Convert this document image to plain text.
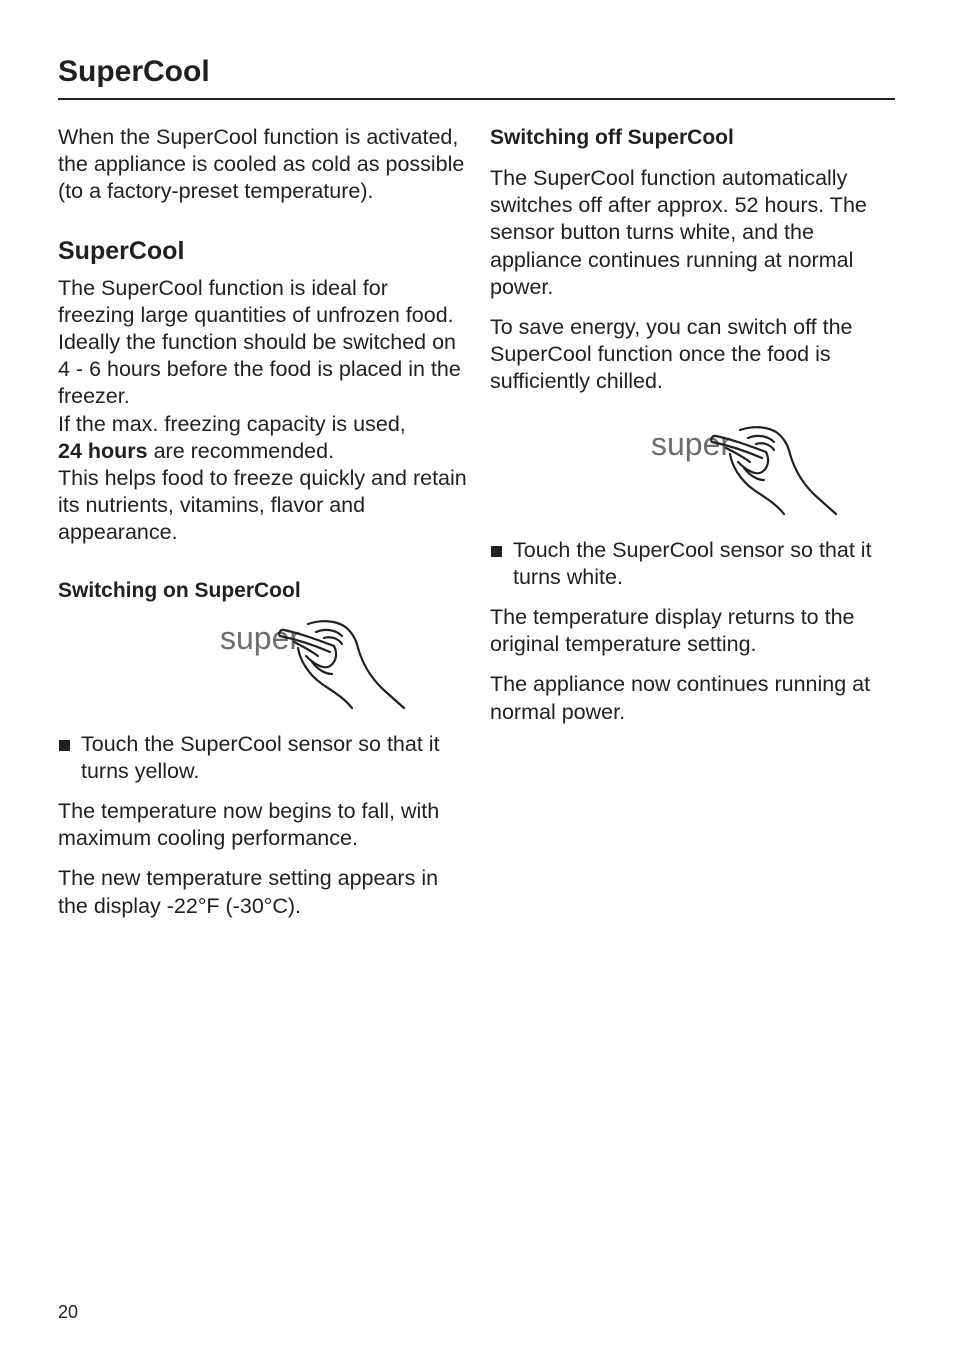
SuperCool

When the SuperCool function is activated, the appliance is cooled as cold as possible (to a factory-preset temperature).

SuperCool

The SuperCool function is ideal for freezing large quantities of unfrozen food. Ideally the function should be switched on 4 - 6 hours before the food is placed in the freezer.

If the max. freezing capacity is used,
24 hours are recommended.

This helps food to freeze quickly and retain its nutrients, vitamins, flavor and appearance.

Switching on SuperCool
super

Touch the SuperCool sensor so that it turns yellow.

The temperature now begins to fall, with maximum cooling performance.

The new temperature setting appears in the display -22°F (-30°C).

Switching off SuperCool

The SuperCool function automatically switches off after approx. 52 hours. The sensor button turns white, and the appliance continues running at normal power.

To save energy, you can switch off the SuperCool function once the food is sufficiently chilled.

super

Touch the SuperCool sensor so that it turns white.

The temperature display returns to the original temperature setting.

The appliance now continues running at normal power.

20
